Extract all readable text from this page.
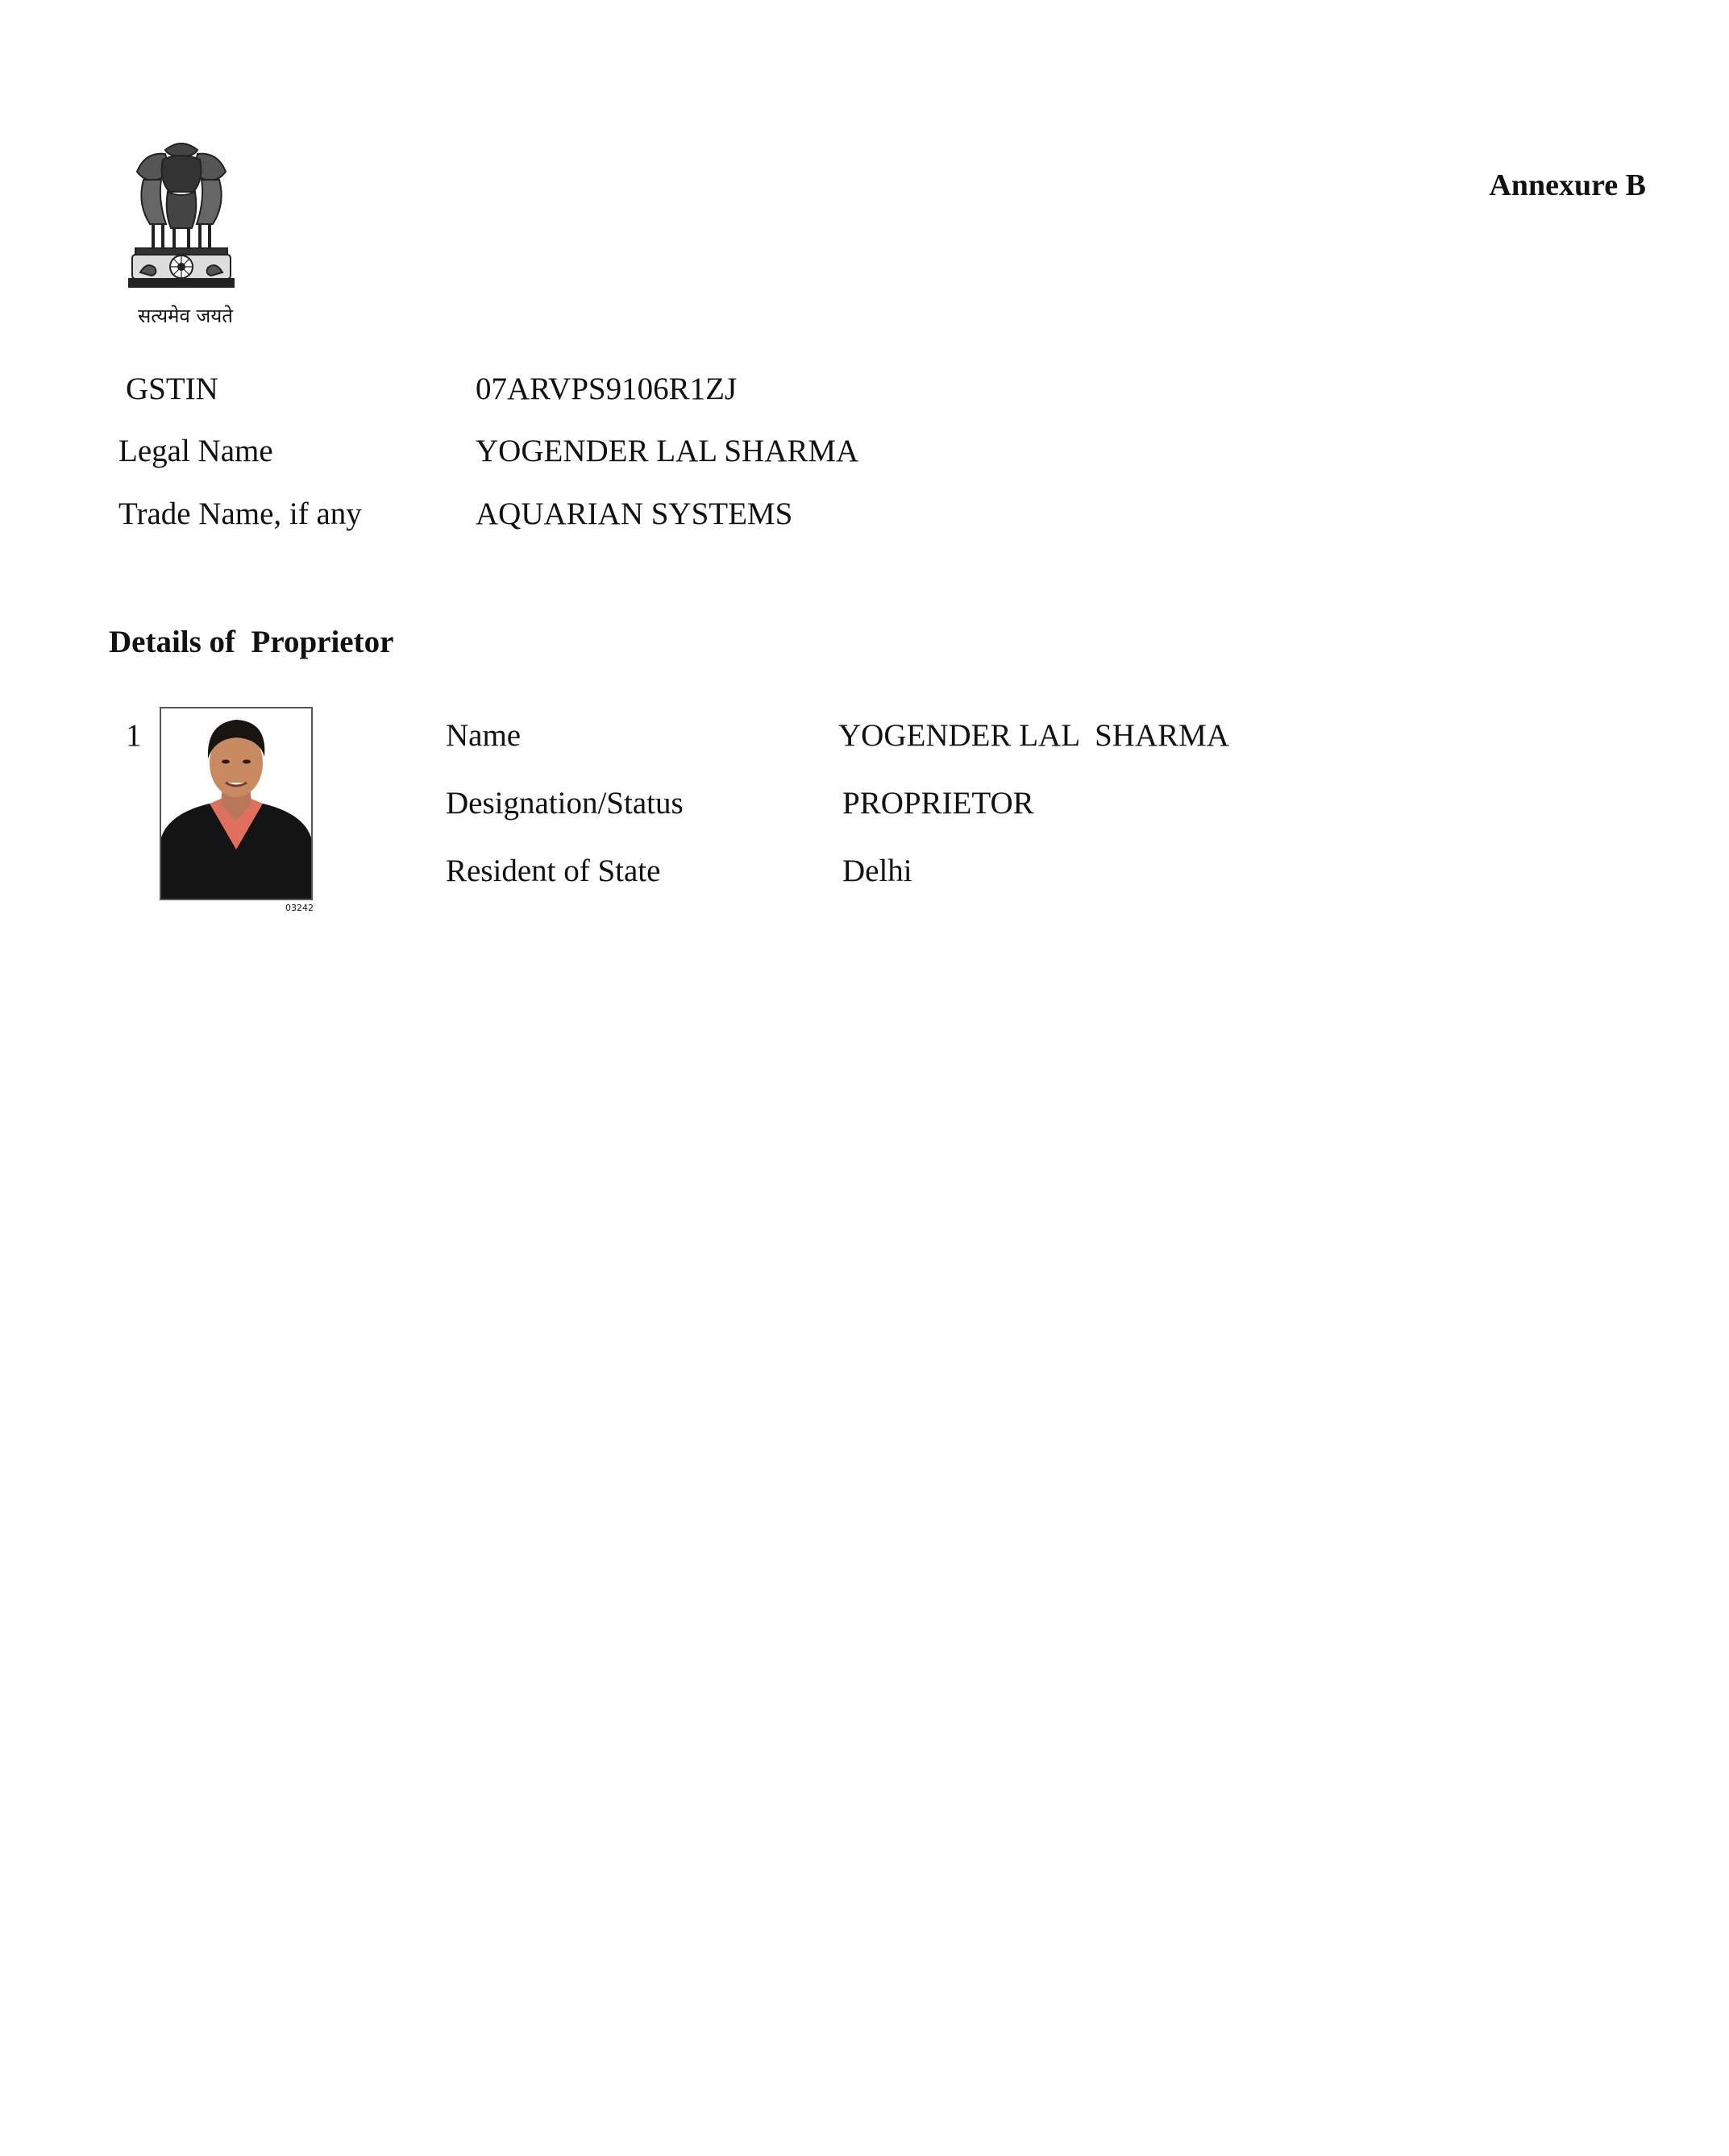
सत्यमेव जयते
Annexure B
GSTIN	07ARVPS9106R1ZJ
Legal Name	YOGENDER LAL SHARMA
Trade Name, if any	AQUARIAN SYSTEMS
Details of  Proprietor
1
03242
Name	YOGENDER LAL  SHARMA
Designation/Status	PROPRIETOR
Resident of State	Delhi
